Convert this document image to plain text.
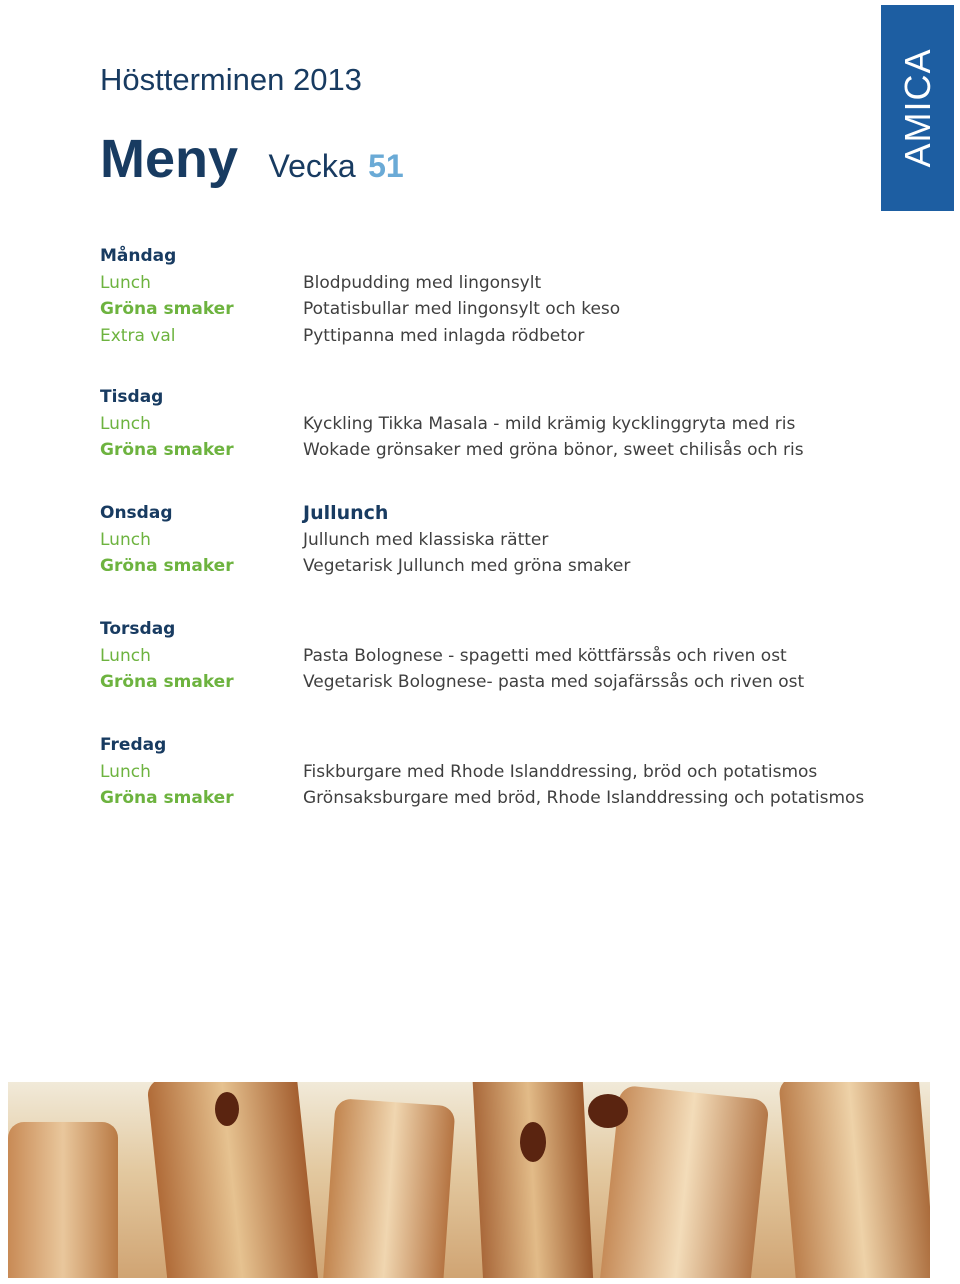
AMICA
Höstterminen 2013
Meny Vecka 51
Måndag
Lunch	Blodpudding med lingonsylt
Gröna smaker	Potatisbullar med lingonsylt och keso
Extra val	Pyttipanna med inlagda rödbetor
Tisdag
Lunch	Kyckling Tikka Masala - mild krämig kycklinggryta med ris
Gröna smaker	Wokade grönsaker med gröna bönor, sweet chilisås och ris
Onsdag	Jullunch
Lunch	Jullunch med klassiska rätter
Gröna smaker	Vegetarisk Jullunch med gröna smaker
Torsdag
Lunch	Pasta Bolognese - spagetti med köttfärssås och riven ost
Gröna smaker	Vegetarisk Bolognese- pasta med sojafärssås och riven ost
Fredag
Lunch	Fiskburgare med Rhode Islanddressing, bröd och potatismos
Gröna smaker	Grönsaksburgare med bröd, Rhode Islanddressing och potatismos
